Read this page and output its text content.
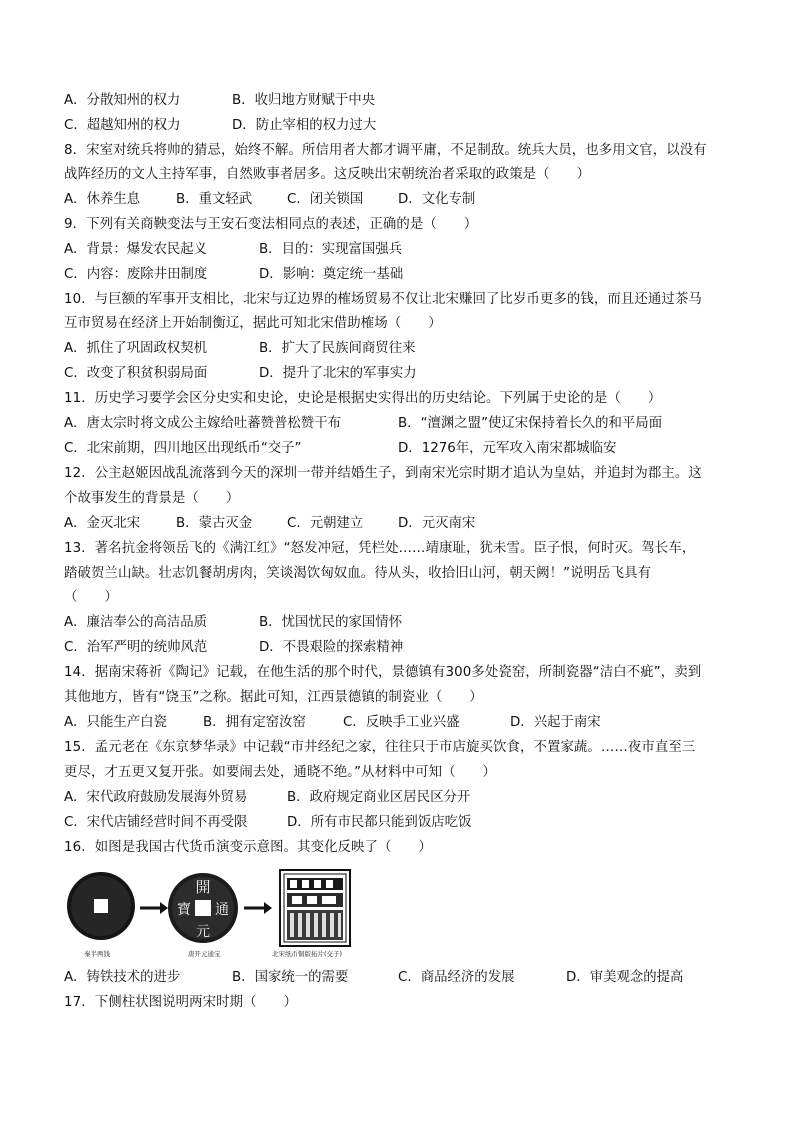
A．分散知州的权力	B．收归地方财赋于中央
C．超越知州的权力	D．防止宰相的权力过大
8．宋室对统兵将帅的猜忌，始终不解。所信用者大都才调平庸，不足制敌。统兵大员，也多用文官，以没有
战阵经历的文人主持军事，自然败事者居多。这反映出宋朝统治者采取的政策是（　　）
A．休养生息	B．重文轻武	C．闭关锁国	D．文化专制
9．下列有关商鞅变法与王安石变法相同点的表述，正确的是（　　）
A．背景：爆发农民起义	B．目的：实现富国强兵
C．内容：废除井田制度	D．影响：奠定统一基础
10．与巨额的军事开支相比，北宋与辽边界的榷场贸易不仅让北宋赚回了比岁币更多的钱，而且还通过茶马
互市贸易在经济上开始制衡辽，据此可知北宋借助榷场（　　）
A．抓住了巩固政权契机	B．扩大了民族间商贸往来
C．改变了积贫积弱局面	D．提升了北宋的军事实力
11．历史学习要学会区分史实和史论，史论是根据史实得出的历史结论。下列属于史论的是（　　）
A．唐太宗时将文成公主嫁给吐蕃赞普松赞干布	B．“澶渊之盟”使辽宋保持着长久的和平局面
C．北宋前期，四川地区出现纸币“交子”	D．1276年，元军攻入南宋都城临安
12．公主赵姬因战乱流落到今天的深圳一带并结婚生子，到南宋光宗时期才追认为皇姑，并追封为郡主。这
个故事发生的背景是（　　）
A．金灭北宋	B．蒙古灭金	C．元朝建立	D．元灭南宋
13．著名抗金将领岳飞的《满江红》“怒发冲冠，凭栏处……靖康耻，犹未雪。臣子恨，何时灭。驾长车，
踏破贺兰山缺。壮志饥餐胡虏肉，笑谈渴饮匈奴血。待从头，收拾旧山河，朝天阙！”说明岳飞具有
（　　）
A．廉洁奉公的高洁品质	B．忧国忧民的家国情怀
C．治军严明的统帅风范	D．不畏艰险的探索精神
14．据南宋蒋祈《陶记》记载，在他生活的那个时代，景德镇有300多处瓷窑，所制瓷器“洁白不疵”，卖到
其他地方，皆有“饶玉”之称。据此可知，江西景德镇的制瓷业（　　）
A．只能生产白瓷	B．拥有定窑汝窑	C．反映手工业兴盛	D．兴起于南宋
15．孟元老在《东京梦华录》中记载“市井经纪之家，往往只于市店旋买饮食，不置家蔬。……夜市直至三
更尽，才五更又复开张。如要闹去处，通晓不绝。”从材料中可知（　　）
A．宋代政府鼓励发展海外贸易	B．政府规定商业区居民区分开
C．宋代店铺经营时间不再受限	D．所有市民都只能到饭店吃饭
16．如图是我国古代货币演变示意图。其变化反映了（　　）
開
寶 通
元
秦半两钱	唐开元通宝	北宋纸币铜版拓片(交子)
A．铸铁技术的进步	B．国家统一的需要	C．商品经济的发展	D．审美观念的提高
17．下侧柱状图说明两宋时期（　　）
